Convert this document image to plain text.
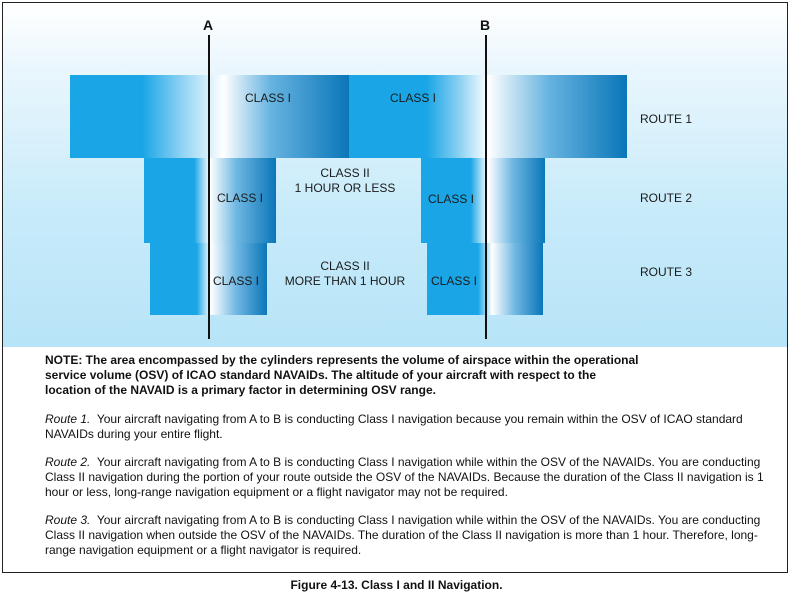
A	B
CLASS I	CLASS I
ROUTE 1
CLASS I	CLASS I
CLASS II
1 HOUR OR LESS
ROUTE 2
CLASS I	CLASS I
CLASS II
MORE THAN 1 HOUR
ROUTE 3

NOTE: The area encompassed by the cylinders represents the volume of airspace within the operational service volume (OSV) of ICAO standard NAVAIDs. The altitude of your aircraft with respect to the location of the NAVAID is a primary factor in determining OSV range.

Route 1. Your aircraft navigating from A to B is conducting Class I navigation because you remain within the OSV of ICAO standard NAVAIDs during your entire flight.

Route 2. Your aircraft navigating from A to B is conducting Class I navigation while within the OSV of the NAVAIDs. You are conducting Class II navigation during the portion of your route outside the OSV of the NAVAIDs. Because the duration of the Class II navigation is 1 hour or less, long-range navigation equipment or a flight navigator may not be required.

Route 3. Your aircraft navigating from A to B is conducting Class I navigation while within the OSV of the NAVAIDs. You are conducting Class II navigation when outside the OSV of the NAVAIDs. The duration of the Class II navigation is more than 1 hour. Therefore, long-range navigation equipment or a flight navigator is required.

Figure 4-13. Class I and II Navigation.
